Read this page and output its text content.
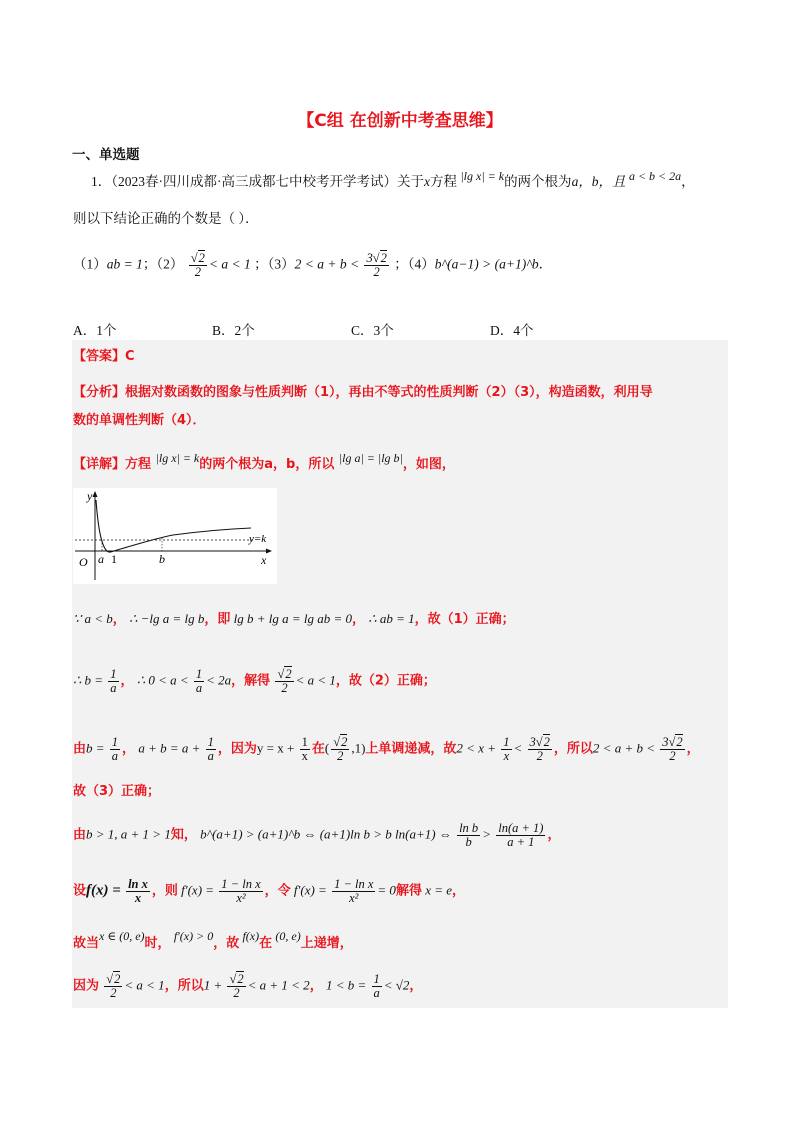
【C组 在创新中考查思维】
一、单选题
1．（2023春·四川成都·高三成都七中校考开学考试）关于x方程 |lg x| = k的两个根为a，b，且 a < b < 2a，
则以下结论正确的个数是（ ）．
（1）ab = 1；（2） √ $\frac{2}{2} < a < 1$ ；$(3)2 < a + b < \frac{3 √ 2}{2}$ ；（4）b^(a−1) > (a+1)^b．
A．1个	B．2个	C．3个	D．4个
【答案】C
【分析】根据对数函数的图象与性质判断（1），再由不等式的性质判断（2）（3），构造函数，利用导
数的单调性判断（4）．
【详解】方程 |lg x| = k的两个根为a，b，所以 |lg a| = |lg b|，如图，
y
x
O a 1	b
y=k
∵ a < b， ∴ −lg a = lg b，即 lg b + lg a = lg ab = 0， ∴ ab = 1，故（1）正确；
∴ $b = \frac{1}{a}$ ， ∴ $0 < a < \frac{1}{a} < 2a$，解得 √ $\frac{2}{2} < a < 1$，故（2）正确；
由$b = \frac{1}{a}$ ， $a + b = a + \frac{1}{a}$ ，因为$y = x + \frac{1}{x}$ 在( √ $\frac{2}{2} ,1$)上单调递减，故$2 < x + \frac{1}{x} < \frac{3 √ 2}{2}$ ，所以$2 < a + b < \frac{3 √ 2}{2}$ ，
故（3）正确；
由b > 1, a + 1 > 1知， b^(a+1) > (a+1)^b ⇔ (a+1)ln b > b ln(a+1) ⇔ $\frac{\text{ln b}}{b} > \frac{\ln(a + 1)}{a + 1}$ ，
设$f(x) = \frac{\text{ln x}}{x}$ ，则 $f'(x) = \frac{\text{1 − ln x}}{\text{x²}}$ ，令 $f'(x) = \frac{\text{1 − ln x}}{\text{x²}} = 0$解得 x = e，
故当x ∈ (0, e)时， f′(x) > 0，故 f(x)在 (0, e)上递增，
因为 √ $\frac{2}{2} < a < 1$，所以1 + √ $\frac{2}{2} < a + 1 < 2$， $1 < b = \frac{1}{a} < √2$，
